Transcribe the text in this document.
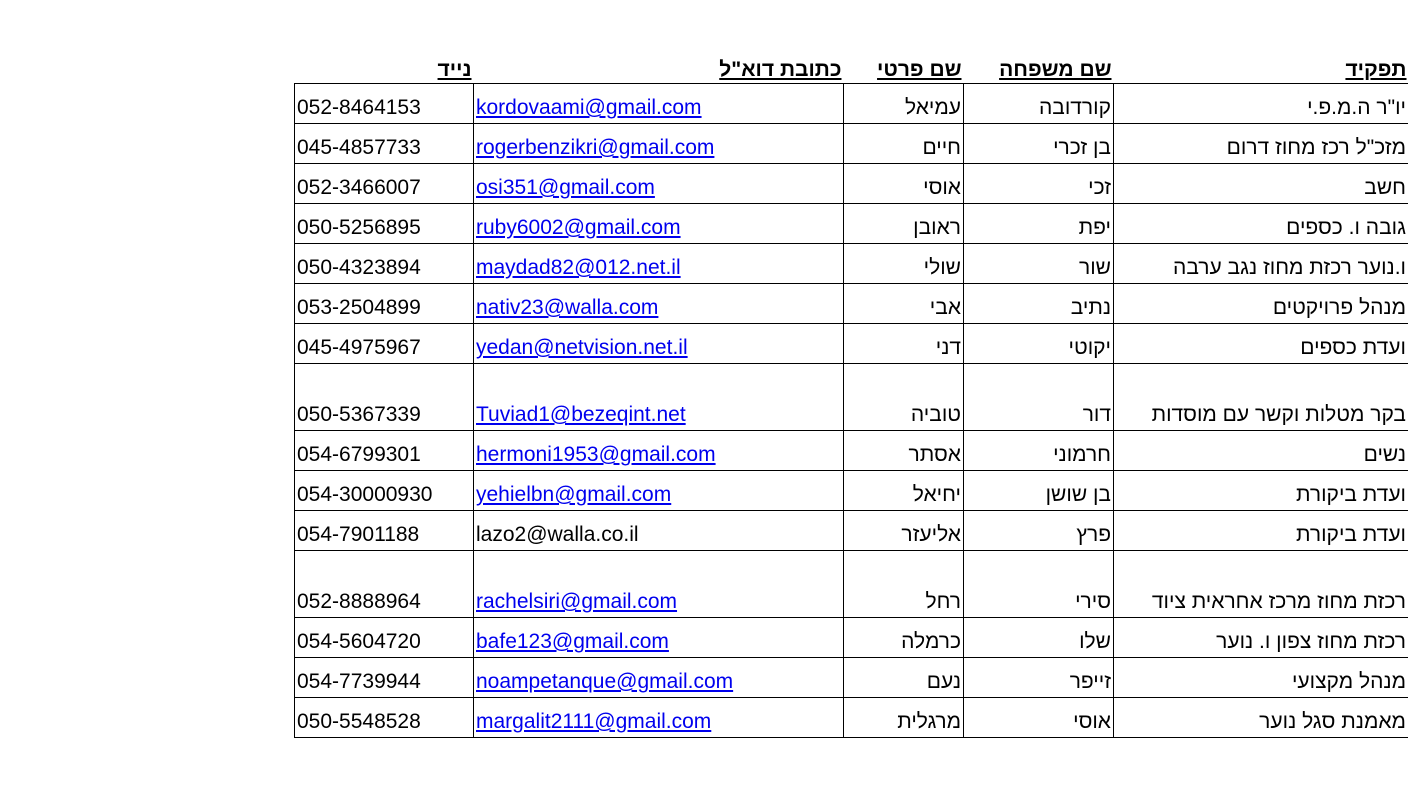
נייד	כתובת דוא"ל	שם פרטי	שם משפחה	תפקיד
052-8464153	kordovaami@gmail.com	עמיאל	קורדובה	יו"ר ה.מ.פ.י
045-4857733	rogerbenzikri@gmail.com	חיים	בן זכרי	מזכ"ל רכז מחוז דרום
052-3466007	osi351@gmail.com	אוסי	זכי	חשב
050-5256895	ruby6002@gmail.com	ראובן	יפת	גובה ו. כספים
050-4323894	maydad82@012.net.il	שולי	שור	ו.נוער רכזת מחוז נגב ערבה
053-2504899	nativ23@walla.com	אבי	נתיב	מנהל פרויקטים
045-4975967	yedan@netvision.net.il	דני	יקוטי	ועדת כספים
050-5367339	Tuviad1@bezeqint.net	טוביה	דור	בקר מטלות וקשר עם מוסדות
054-6799301	hermoni1953@gmail.com	אסתר	חרמוני	נשים
054-30000930	yehielbn@gmail.com	יחיאל	בן שושן	ועדת ביקורת
054-7901188	lazo2@walla.co.il	אליעזר	פרץ	ועדת ביקורת
052-8888964	rachelsiri@gmail.com	רחל	סירי	רכזת מחוז מרכז אחראית ציוד
054-5604720	bafe123@gmail.com	כרמלה	שלו	רכזת מחוז צפון ו. נוער
054-7739944	noampetanque@gmail.com	נעם	זייפר	מנהל מקצועי
050-5548528	margalit2111@gmail.com	מרגלית	אוסי	מאמנת סגל נוער
